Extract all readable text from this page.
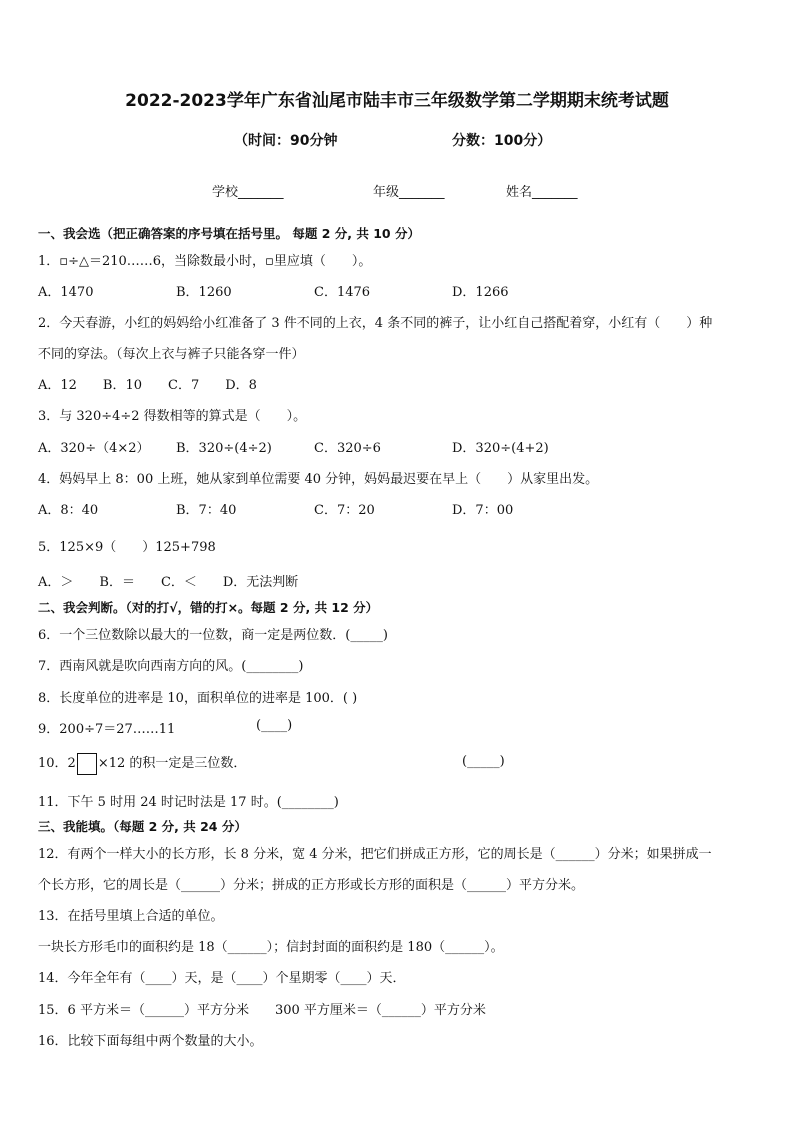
2022-2023学年广东省汕尾市陆丰市三年级数学第二学期期末统考试题
（时间：90分钟	分数：100分）
学校_______	年级_______	姓名_______
一、我会选（把正确答案的序号填在括号里。 每题 2 分, 共 10 分）
1．▫÷△＝210……6，当除数最小时，▫里应填（　　）。
A．1470	B．1260	C．1476	D．1266
2．今天春游，小红的妈妈给小红准备了 3 件不同的上衣，4 条不同的裤子，让小红自己搭配着穿，小红有（　　）种
不同的穿法。（每次上衣与裤子只能各穿一件）
A．12　　B．10　　C．7　　D．8
3．与 320÷4÷2 得数相等的算式是（　　）。
A．320÷（4×2） B．320÷(4÷2)	C．320÷6	D．320÷(4+2)
4．妈妈早上 8：00 上班，她从家到单位需要 40 分钟，妈妈最迟要在早上（　　）从家里出发。
A．8：40	B．7：40	C．7：20	D．7：00
5．125×9（　　）125+798
A．＞　　B．＝　　C．＜　　D．无法判断
二、我会判断。（对的打√，错的打×。每题 2 分, 共 12 分）
6．一个三位数除以最大的一位数，商一定是两位数．(_____)
7．西南风就是吹向西南方向的风。(________)
8．长度单位的进率是 10，面积单位的进率是 100．( )
9．200÷7＝27……11	(____)
10．2 ×12 的积一定是三位数．	(_____)
11．下午 5 时用 24 时记时法是 17 时。(________)
三、我能填。（每题 2 分, 共 24 分）
12．有两个一样大小的长方形，长 8 分米，宽 4 分米，把它们拼成正方形，它的周长是（______）分米；如果拼成一
个长方形，它的周长是（______）分米；拼成的正方形或长方形的面积是（______）平方分米。
13．在括号里填上合适的单位。
一块长方形毛巾的面积约是 18（______）；信封封面的面积约是 180（______）。
14．今年全年有（____）天，是（____）个星期零（____）天．
15．6 平方米＝（______）平方分米　　300 平方厘米＝（______）平方分米
16．比较下面每组中两个数量的大小。
